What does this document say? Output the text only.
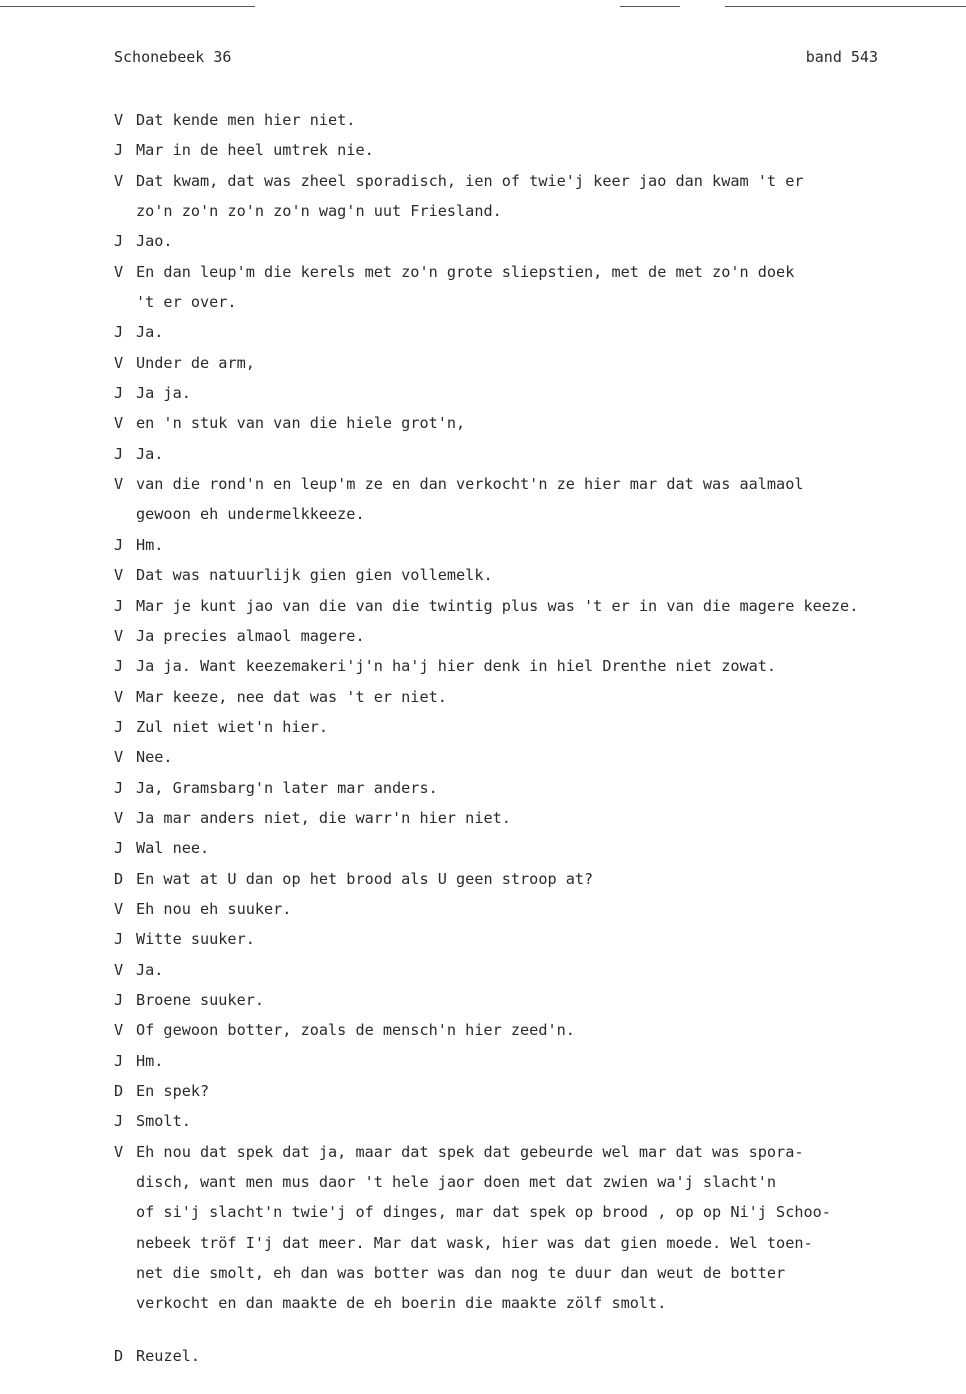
Schonebeek 36	band 543
V Dat kende men hier niet.
J Mar in de heel umtrek nie.
V Dat kwam, dat was zheel sporadisch, ien of twie'j keer jao dan kwam 't er
zo'n zo'n zo'n zo'n wag'n uut Friesland.
J Jao.
V En dan leup'm die kerels met zo'n grote sliepstien, met de met zo'n doek
't er over.
J Ja.
V Under de arm,
J Ja ja.
V en 'n stuk van van die hiele grot'n,
J Ja.
V van die rond'n en leup'm ze en dan verkocht'n ze hier mar dat was aalmaol
gewoon eh undermelkkeeze.
J Hm.
V Dat was natuurlijk gien gien vollemelk.
J Mar je kunt jao van die van die twintig plus was 't er in van die magere keeze.
V Ja precies almaol magere.
J Ja ja. Want keezemakeri'j'n ha'j hier denk in hiel Drenthe niet zowat.
V Mar keeze, nee dat was 't er niet.
J Zul niet wiet'n hier.
V Nee.
J Ja, Gramsbarg'n later mar anders.
V Ja mar anders niet, die warr'n hier niet.
J Wal nee.
D En wat at U dan op het brood als U geen stroop at?
V Eh nou eh suuker.
J Witte suuker.
V Ja.
J Broene suuker.
V Of gewoon botter, zoals de mensch'n hier zeed'n.
J Hm.
D En spek?
J Smolt.
V Eh nou dat spek dat ja, maar dat spek dat gebeurde wel mar dat was spora-
disch, want men mus daor 't hele jaor doen met dat zwien wa'j slacht'n
of si'j slacht'n twie'j of dinges, mar dat spek op brood , op op Ni'j Schoo-
nebeek tröf I'j dat meer. Mar dat wask, hier was dat gien moede. Wel toen-
net die smolt, eh dan was botter was dan nog te duur dan weut de botter
verkocht en dan maakte de eh boerin die maakte zölf smolt.
D Reuzel.
